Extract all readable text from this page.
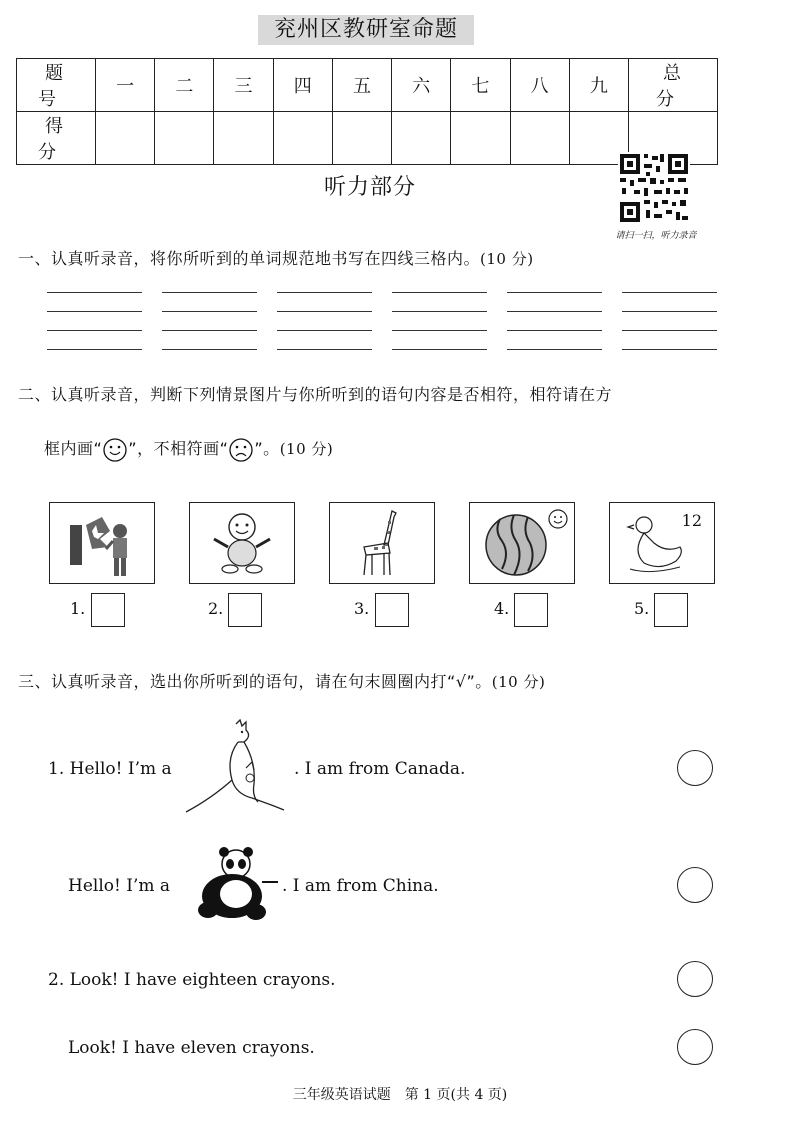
兖州区教研室命题
题　号	一	二	三	四	五	六	七	八	九	总　分
得　分										
听力部分
请扫一扫，听力录音
一、认真听录音，将你所听到的单词规范地书写在四线三格内。(10 分)
二、认真听录音，判断下列情景图片与你所听到的语句内容是否相符，相符请在方
框内画“ ”，不相符画“ ”。(10 分)
12
1.	2.	3.	4.	5.
三、认真听录音，选出你所听到的语句，请在句末圆圈内打“√”。(10 分)
1. Hello! I’m a	. I am from Canada.
Hello! I’m a	. I am from China.
2. Look! I have eighteen crayons.
Look! I have eleven crayons.
三年级英语试题　第 1 页(共 4 页)
